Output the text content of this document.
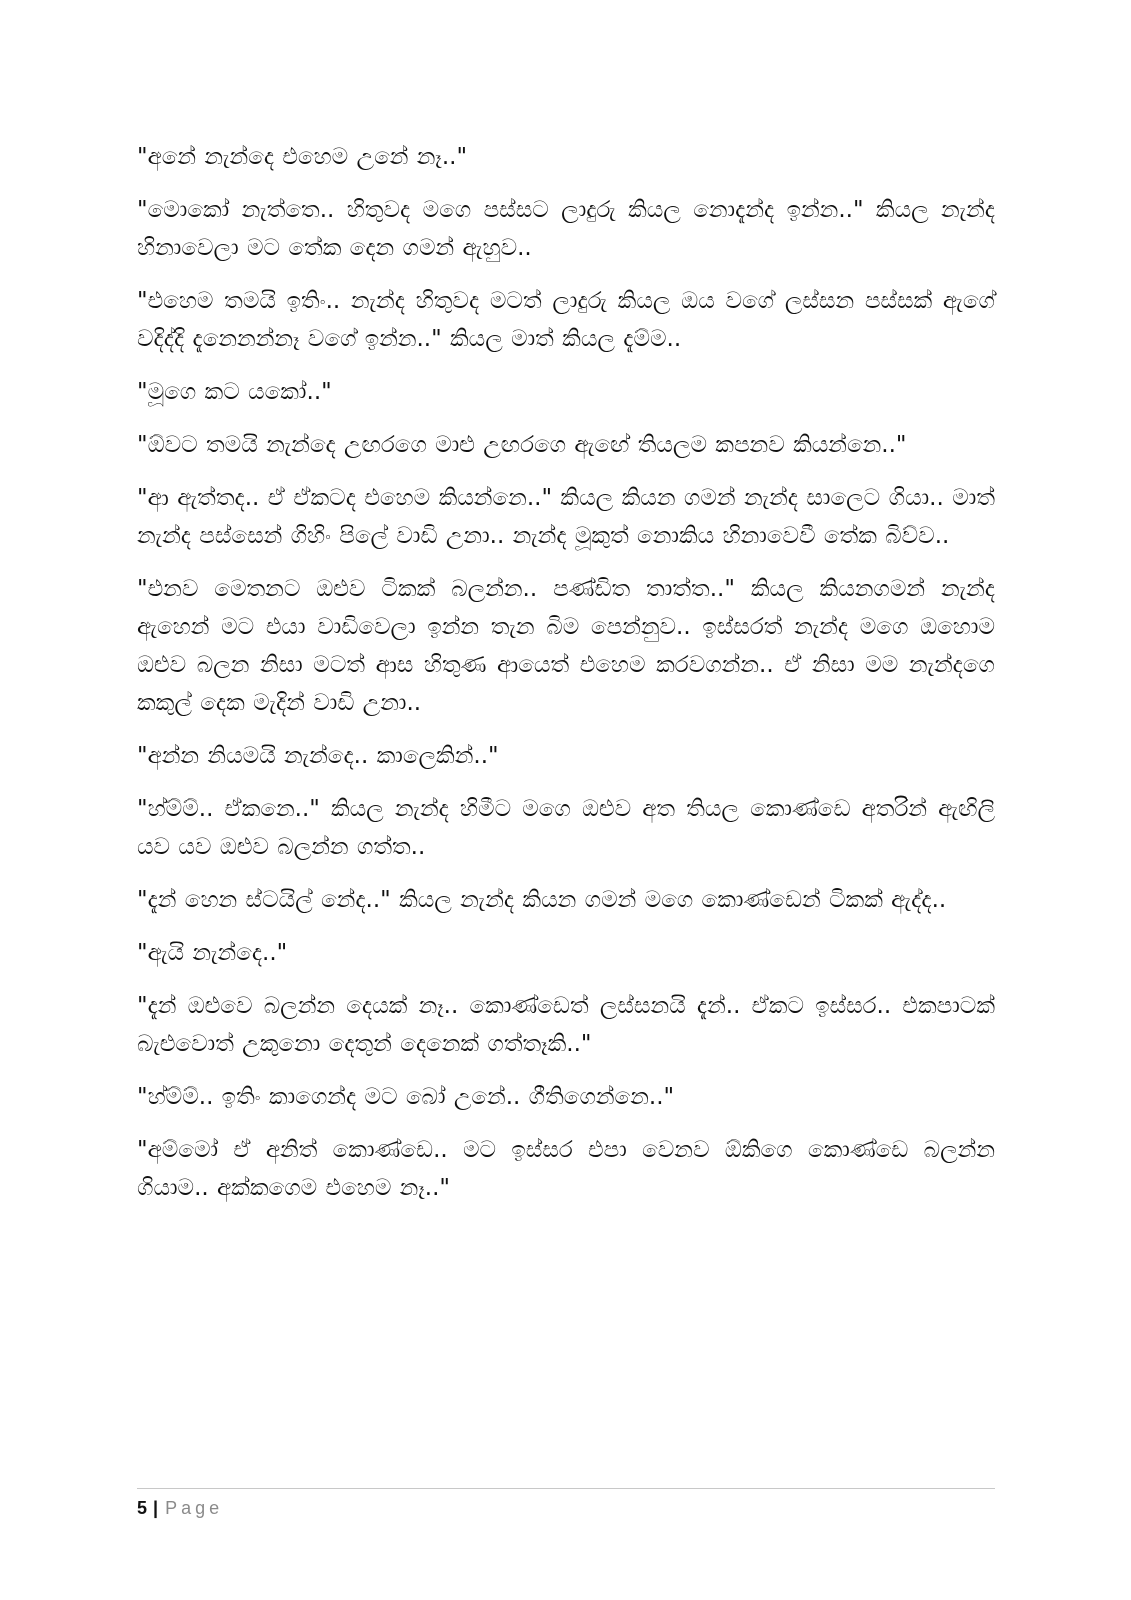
"අනේ නැන්දෙ එහෙම උනේ නෑ.."

"මොකෝ නැත්තෙ.. හිතුවද මගෙ පස්සට ලාදුරු කියල නොදැන්ද ඉන්න.." කියල නැන්ද හිනාවෙලා මට තේක දෙන ගමන් ඇහුව..

"එහෙම තමයි ඉතිං.. නැන්ද හිතුවද මටත් ලාදුරු කියල ඔය වගේ ලස්සන පස්සක් ඇගේ වදිද්දි දැනෙනන්නෑ වගේ ඉන්න.." කියල මාත් කියල දැම්ම..

"මූගෙ කට යකෝ.."

"ඕවට තමයි නැන්දෙ උඟරගෙ මාළු උඟරගෙ ඇඟේ තියලම කපනව කියන්නෙ.."

"ආ ඇත්තද.. ඒ ඒකටද එහෙම කියන්නෙ.." කියල කියන ගමන් නැන්ද සාලෙට ගියා.. මාත් නැන්ද පස්සෙන් ගිහිං පිලේ වාඩි උනා.. නැන්ද මූකුත් නොකිය හිනාවෙවී තේක බිව්ව..

"එනව මෙතනට ඔළුව ටිකක් බලන්න.. පණ්ඩිත තාත්ත.." කියල කියනගමන් නැන්ද ඇහෙන් මට එයා වාඩිවෙලා ඉන්න තැන බිම පෙන්නුව.. ඉස්සරත් නැන්ද මගෙ ඔහොම ඔළුව බලන නිසා මටත් ආස හිතුණ ආයෙත් එහෙම කරවගන්න.. ඒ නිසා මම නැන්දගෙ කකුල් දෙක මැදින් වාඩි උනා..

"අන්න නියමයි නැන්දෙ.. කාලෙකින්.."

"හ්ම්ම්.. ඒකනෙ.." කියල නැන්ද හිමීට මගෙ ඔළුව අත තියල කොණ්ඩෙ අතරින් ඇඟිලි යව යව ඔළුව බලන්න ගත්ත..

"දැන් හෙන ස්ටයිල් නේද.." කියල නැන්ද කියන ගමන් මගෙ කොණ්ඩෙන් ටිකක් ඇද්ද..

"ඇයි නැන්දෙ.."

"දැන් ඔළුවෙ බලන්න දෙයක් නෑ.. කොණ්ඩෙත් ලස්සනයි දැන්.. ඒකට ඉස්සර.. එකපාටක් බැළුවොත් උකුනො දෙතුන් දෙනෙක් ගත්තෑකි.."

"හ්ම්ම්.. ඉතිං කාගෙන්ද මට බෝ උනේ.. ගීතිගෙන්නෙ.."

"අම්මෝ ඒ අනිත් කොණ්ඩෙ.. මට ඉස්සර එපා වෙනව ඕකිගෙ කොණ්ඩෙ බලන්න ගියාම.. අක්කගෙම එහෙම නෑ.."

5 | Page
